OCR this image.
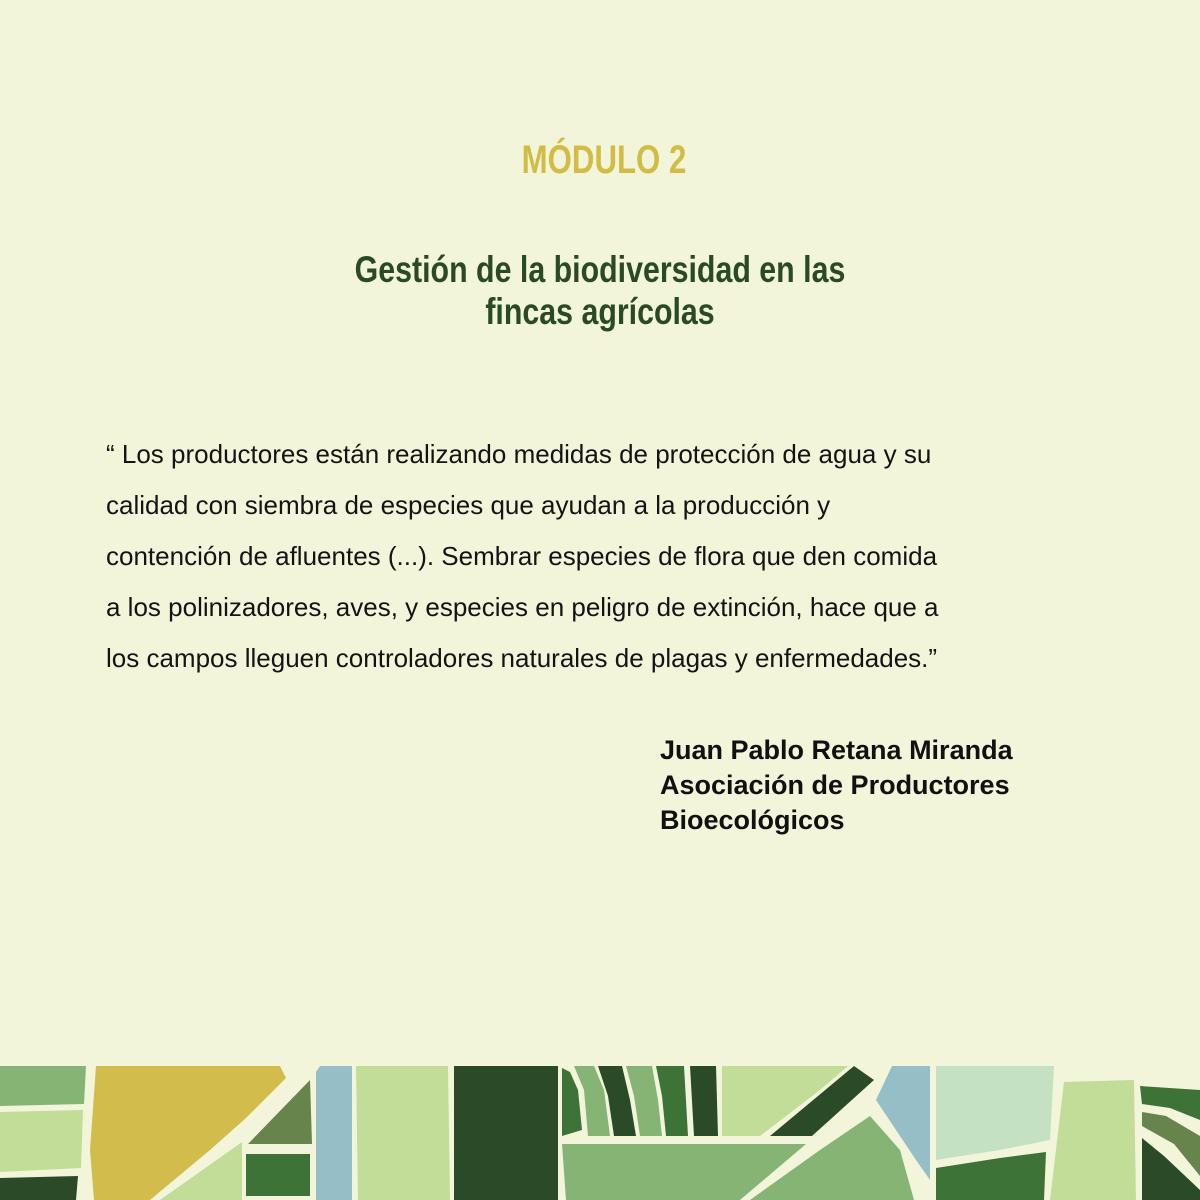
MÓDULO 2
Gestión de la biodiversidad en las
fincas agrícolas

“ Los productores están realizando medidas de protección de agua y su
calidad con siembra de especies que ayudan a la producción y
contención de afluentes (...). Sembrar especies de flora que den comida
a los polinizadores, aves, y especies en peligro de extinción, hace que a
los campos lleguen controladores naturales de plagas y enfermedades.”

Juan Pablo Retana Miranda
Asociación de Productores
Bioecológicos
